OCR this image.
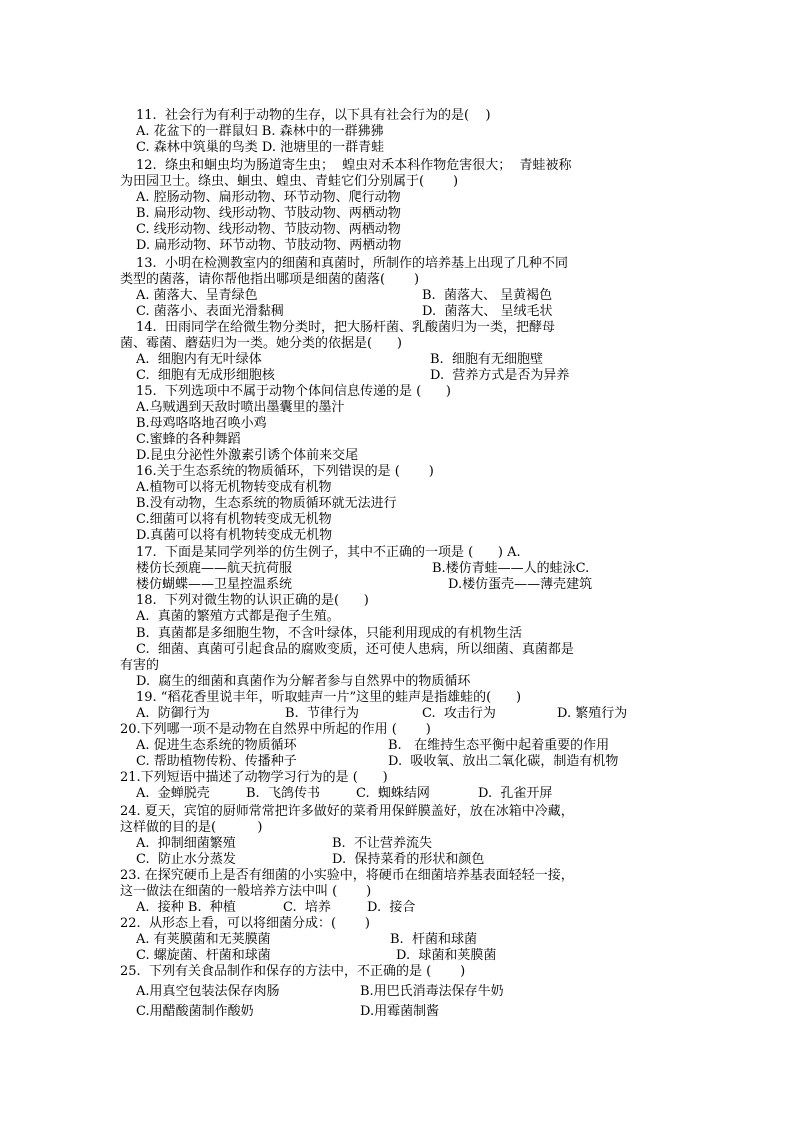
11.  社会行为有利于动物的生存，以下具有社会行为的是(    )
A. 花盆下的一群鼠妇 B. 森林中的一群狒狒
C. 森林中筑巢的鸟类 D. 池塘里的一群青蛙
12.  绦虫和蛔虫均为肠道寄生虫；  蝗虫对禾本科作物危害很大；  青蛙被称
为田园卫士。绦虫、蛔虫、蝗虫、青蛙它们分别属于(       )
A. 腔肠动物、扁形动物、环节动物、爬行动物
B. 扁形动物、线形动物、节肢动物、两栖动物
C. 线形动物、线形动物、节肢动物、两栖动物
D. 扁形动物、环节动物、节肢动物、两栖动物
13.  小明在检测教室内的细菌和真菌时，所制作的培养基上出现了几种不同
类型的菌落，请你帮他指出哪项是细菌的菌落(       )
A. 菌落大、呈青绿色	B.  菌落大、 呈黄褐色
C. 菌落小、表面光滑黏稠	D.  菌落大、 呈绒毛状
14.  田雨同学在给微生物分类时，把大肠杆菌、乳酸菌归为一类，把酵母
菌、霉菌、蘑菇归为一类。她分类的依据是(      )
A.  细胞内有无叶绿体	B.  细胞有无细胞壁
C.  细胞有无成形细胞核	D.  营养方式是否为异养
15.  下列选项中不属于动物个体间信息传递的是 (      )
A.乌贼遇到天敌时喷出墨囊里的墨汁
B.母鸡咯咯地召唤小鸡
C.蜜蜂的各种舞蹈
D.昆虫分泌性外激素引诱个体前来交尾
16.关于生态系统的物质循环，下列错误的是 (       )
A.植物可以将无机物转变成有机物
B.没有动物，生态系统的物质循环就无法进行
C.细菌可以将有机物转变成无机物
D.真菌可以将有机物转变成无机物
17.  下面是某同学列举的仿生例子，其中不正确的一项是 (      ) A.
楼仿长颈鹿——航天抗荷服	B.楼仿青蛙——人的蛙泳C.
楼仿蝴蝶——卫星控温系统	D.楼仿蛋壳——薄壳建筑
18.  下列对微生物的认识正确的是(      )
A.  真菌的繁殖方式都是孢子生殖。
B.  真菌都是多细胞生物，不含叶绿体，只能利用现成的有机物生活
C.  细菌、真菌可引起食品的腐败变质，还可使人患病，所以细菌、真菌都是
有害的
D.  腐生的细菌和真菌作为分解者参与自然界中的物质循环
19. “稻花香里说丰年，听取蛙声一片”这里的蛙声是指雄蛙的(      )
A.  防御行为	B.  节律行为	C.  攻击行为	D. 繁殖行为
20.下列哪一项不是动物在自然界中所起的作用 (       )
A. 促进生态系统的物质循环	B.   在维持生态平衡中起着重要的作用
C. 帮助植物传粉、传播种子	D.  吸收氧、放出二氧化碳，制造有机物
21.下列短语中描述了动物学习行为的是 (      )
A.  金蝉脱壳	B.  飞鸽传书	C.  蜘蛛结网	D.  孔雀开屏
24. 夏天，宾馆的厨师常常把许多做好的菜肴用保鲜膜盖好，放在冰箱中冷藏，
这样做的目的是(          )
A.  抑制细菌繁殖	B.  不让营养流失
C.  防止水分蒸发	D.  保持菜肴的形状和颜色
23. 在探究硬币上是否有细菌的小实验中，将硬币在细菌培养基表面轻轻一接，
这一做法在细菌的一般培养方法中叫 (       )
A.  接种 B.  种植	C.  培养	D.  接合
22.  从形态上看，可以将细菌分成：(       )
A. 有荚膜菌和无荚膜菌	B.  杆菌和球菌
C. 螺旋菌、杆菌和球菌	D.  球菌和荚膜菌
25.  下列有关食品制作和保存的方法中，不正确的是 (       )
A.用真空包装法保存肉肠	B.用巴氏消毒法保存牛奶
C.用醋酸菌制作酸奶	D.用霉菌制酱
